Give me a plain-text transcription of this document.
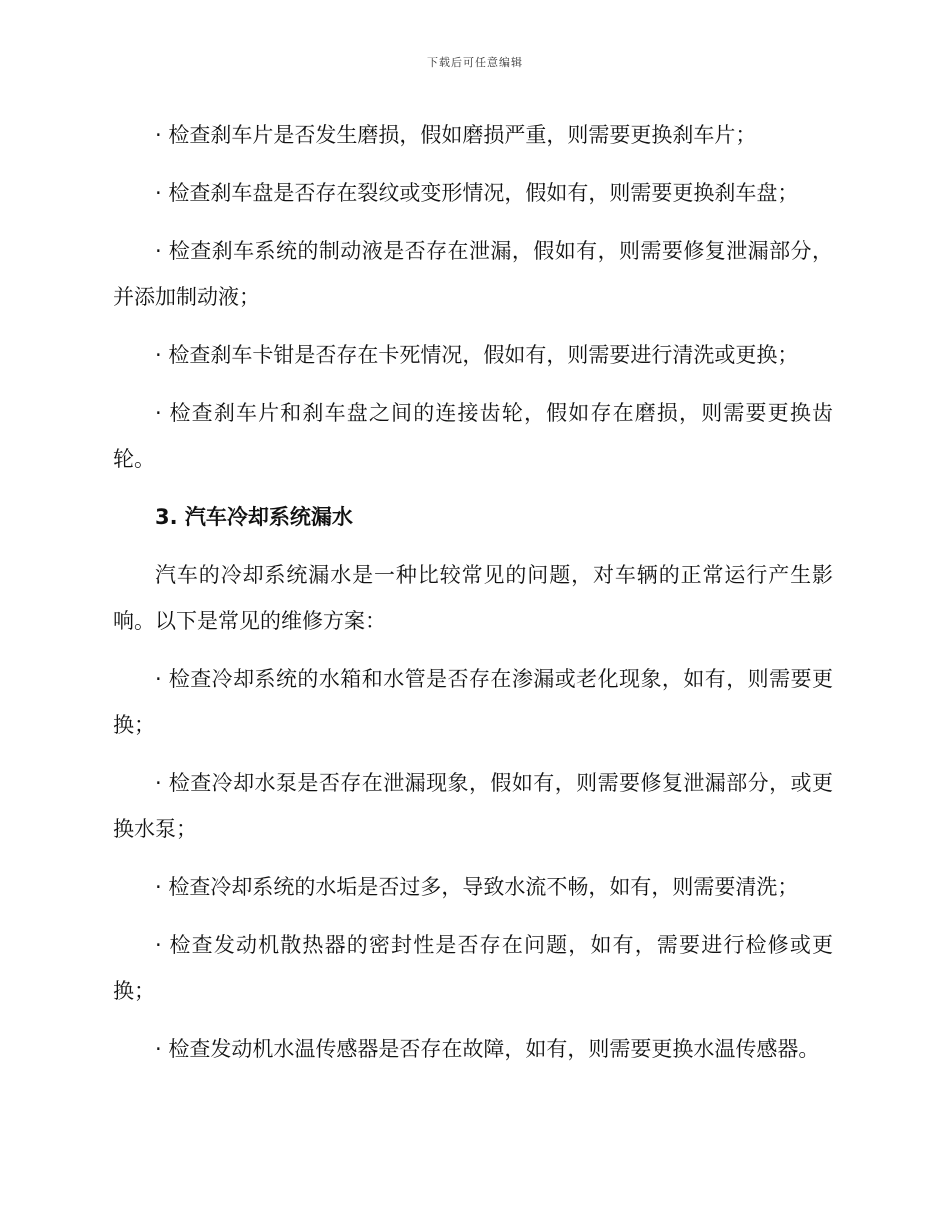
下载后可任意编辑

· 检查刹车片是否发生磨损，假如磨损严重，则需要更换刹车片；

· 检查刹车盘是否存在裂纹或变形情况，假如有，则需要更换刹车盘；

· 检查刹车系统的制动液是否存在泄漏，假如有，则需要修复泄漏部分，并添加制动液；

· 检查刹车卡钳是否存在卡死情况，假如有，则需要进行清洗或更换；

· 检查刹车片和刹车盘之间的连接齿轮，假如存在磨损，则需要更换齿轮。

3. 汽车冷却系统漏水

汽车的冷却系统漏水是一种比较常见的问题，对车辆的正常运行产生影响。以下是常见的维修方案：

· 检查冷却系统的水箱和水管是否存在渗漏或老化现象，如有，则需要更换；

· 检查冷却水泵是否存在泄漏现象，假如有，则需要修复泄漏部分，或更换水泵；

· 检查冷却系统的水垢是否过多，导致水流不畅，如有，则需要清洗；

· 检查发动机散热器的密封性是否存在问题，如有，需要进行检修或更换；

· 检查发动机水温传感器是否存在故障，如有，则需要更换水温传感器。
